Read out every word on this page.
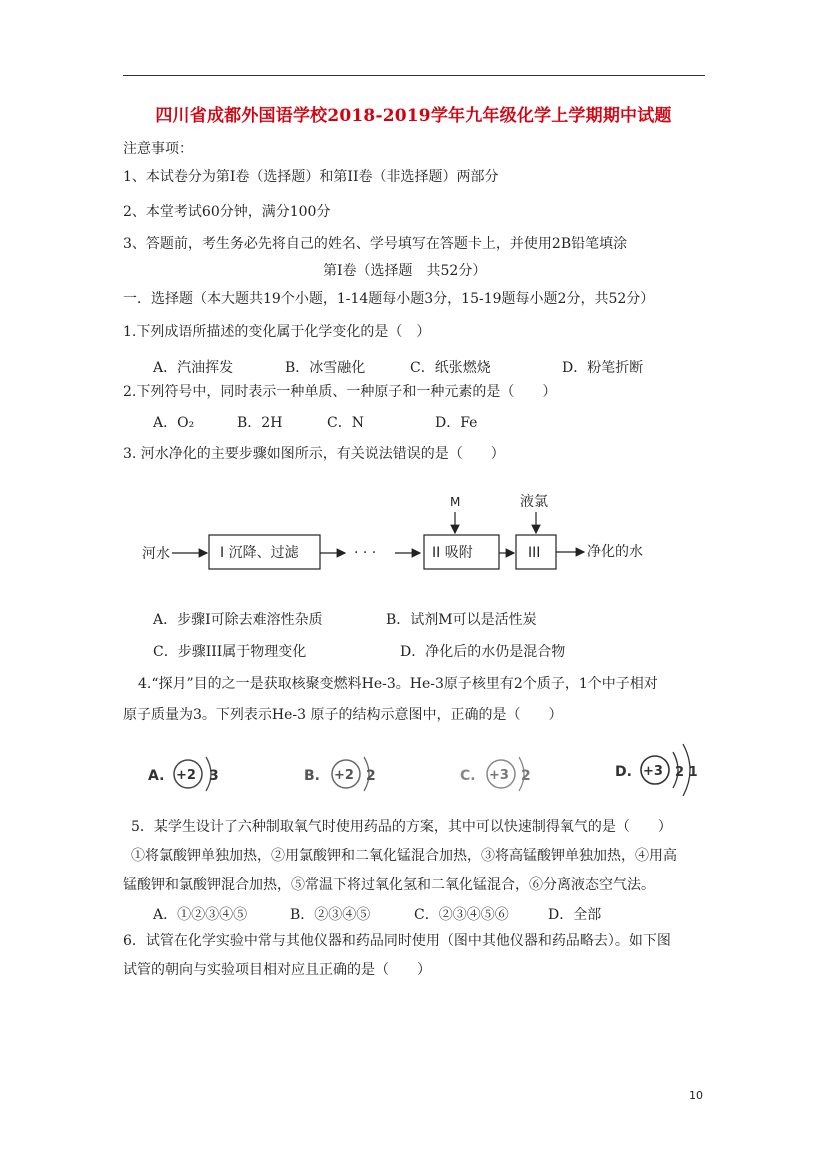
四川省成都外国语学校2018-2019学年九年级化学上学期期中试题
注意事项：
1、本试卷分为第I卷（选择题）和第II卷（非选择题）两部分
2、本堂考试60分钟，满分100分
3、答题前，考生务必先将自己的姓名、学号填写在答题卡上，并使用2B铅笔填涂
第I卷（选择题　共52分）
一．选择题（本大题共19个小题，1-14题每小题3分，15-19题每小题2分，共52分）
1.下列成语所描述的变化属于化学变化的是（　）
A．汽油挥发	B．冰雪融化	C．纸张燃烧	D．粉笔折断
2.下列符号中，同时表示一种单质、一种原子和一种元素的是（　　）
A．O₂	B．2H	C．N	D．Fe
3. 河水净化的主要步骤如图所示，有关说法错误的是（　　）
河水	I 沉降、过滤	· · ·	II 吸附
M
III
液氯
净化的水
A．步骤I可除去难溶性杂质	B．试剂M可以是活性炭
C．步骤III属于物理变化	D．净化后的水仍是混合物
4.“探月”目的之一是获取核聚变燃料He-3。He-3原子核里有2个质子，1个中子相对
原子质量为3。下列表示He-3 原子的结构示意图中，正确的是（　　）
A. +2 3	B. +2 2	C. +3 2	D. +3 2 1
5．某学生设计了六种制取氧气时使用药品的方案，其中可以快速制得氧气的是（　　）
①将氯酸钾单独加热，②用氯酸钾和二氧化锰混合加热，③将高锰酸钾单独加热，④用高
锰酸钾和氯酸钾混合加热，⑤常温下将过氧化氢和二氧化锰混合，⑥分离液态空气法。
A．①②③④⑤	B．②③④⑤	C．②③④⑤⑥	D．全部
6．试管在化学实验中常与其他仪器和药品同时使用（图中其他仪器和药品略去）。如下图
试管的朝向与实验项目相对应且正确的是（　　）
10
